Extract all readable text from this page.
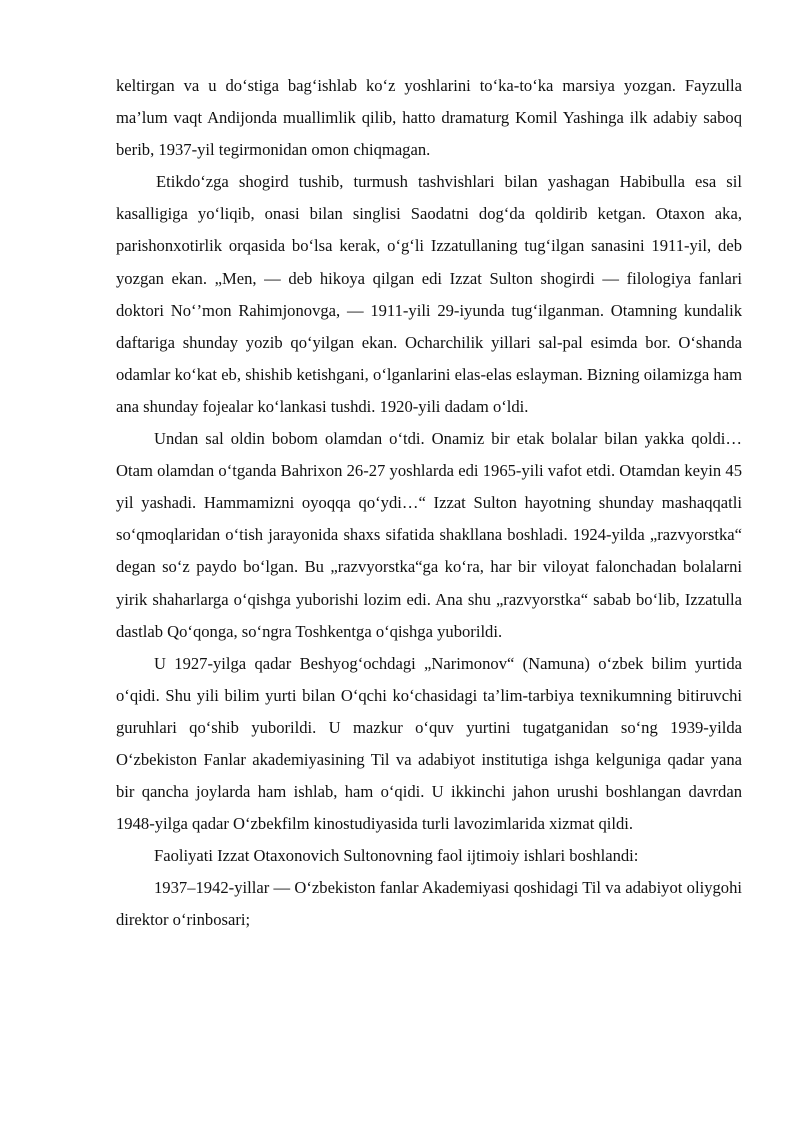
keltirgan va u do‘stiga bag‘ishlab ko‘z yoshlarini to‘ka-to‘ka marsiya yozgan. Fayzulla ma’lum vaqt Andijonda muallimlik qilib, hatto dramaturg Komil Yashinga ilk adabiy saboq berib, 1937-yil tegirmonidan omon chiqmagan.

Etikdo‘zga shogird tushib, turmush tashvishlari bilan yashagan Habibulla esa sil kasalligiga yo‘liqib, onasi bilan singlisi Saodatni dog‘da qoldirib ketgan. Otaxon aka, parishonxotirlik orqasida bo‘lsa kerak, o‘g‘li Izzatullaning tug‘ilgan sanasini 1911-yil, deb yozgan ekan. „Men, — deb hikoya qilgan edi Izzat Sulton shogirdi — filologiya fanlari doktori No‘’mon Rahimjonovga, — 1911-yili 29-iyunda tug‘ilganman. Otamning kundalik daftariga shunday yozib qo‘yilgan ekan. Ocharchilik yillari sal-pal esimda bor. O‘shanda odamlar ko‘kat eb, shishib ketishgani, o‘lganlarini elas-elas eslayman. Bizning oilamizga ham ana shunday fojealar ko‘lankasi tushdi. 1920-yili dadam o‘ldi.

Undan sal oldin bobom olamdan o‘tdi. Onamiz bir etak bolalar bilan yakka qoldi… Otam olamdan o‘tganda Bahrixon 26-27 yoshlarda edi 1965-yili vafot etdi. Otamdan keyin 45 yil yashadi. Hammamizni oyoqqa qo‘ydi…“ Izzat Sulton hayotning shunday mashaqqatli so‘qmoqlaridan o‘tish jarayonida shaxs sifatida shakllana boshladi. 1924-yilda „razvyorstka“ degan so‘z paydo bo‘lgan. Bu „razvyorstka“ga ko‘ra, har bir viloyat falonchadan bolalarni yirik shaharlarga o‘qishga yuborishi lozim edi. Ana shu „razvyorstka“ sabab bo‘lib, Izzatulla dastlab Qo‘qonga, so‘ngra Toshkentga o‘qishga yuborildi.

U 1927-yilga qadar Beshyog‘ochdagi „Narimonov“ (Namuna) o‘zbek bilim yurtida o‘qidi. Shu yili bilim yurti bilan O‘qchi ko‘chasidagi ta’lim-tarbiya texnikumning bitiruvchi guruhlari qo‘shib yuborildi. U mazkur o‘quv yurtini tugatganidan so‘ng 1939-yilda O‘zbekiston Fanlar akademiyasining Til va adabiyot institutiga ishga kelguniga qadar yana bir qancha joylarda ham ishlab, ham o‘qidi. U ikkinchi jahon urushi boshlangan davrdan 1948-yilga qadar O‘zbekfilm kinostudiyasida turli lavozimlarida xizmat qildi.

Faoliyati Izzat Otaxonovich Sultonovning faol ijtimoiy ishlari boshlandi:

1937–1942-yillar — O‘zbekiston fanlar Akademiyasi qoshidagi Til va adabiyot oliygohi direktor o‘rinbosari;
